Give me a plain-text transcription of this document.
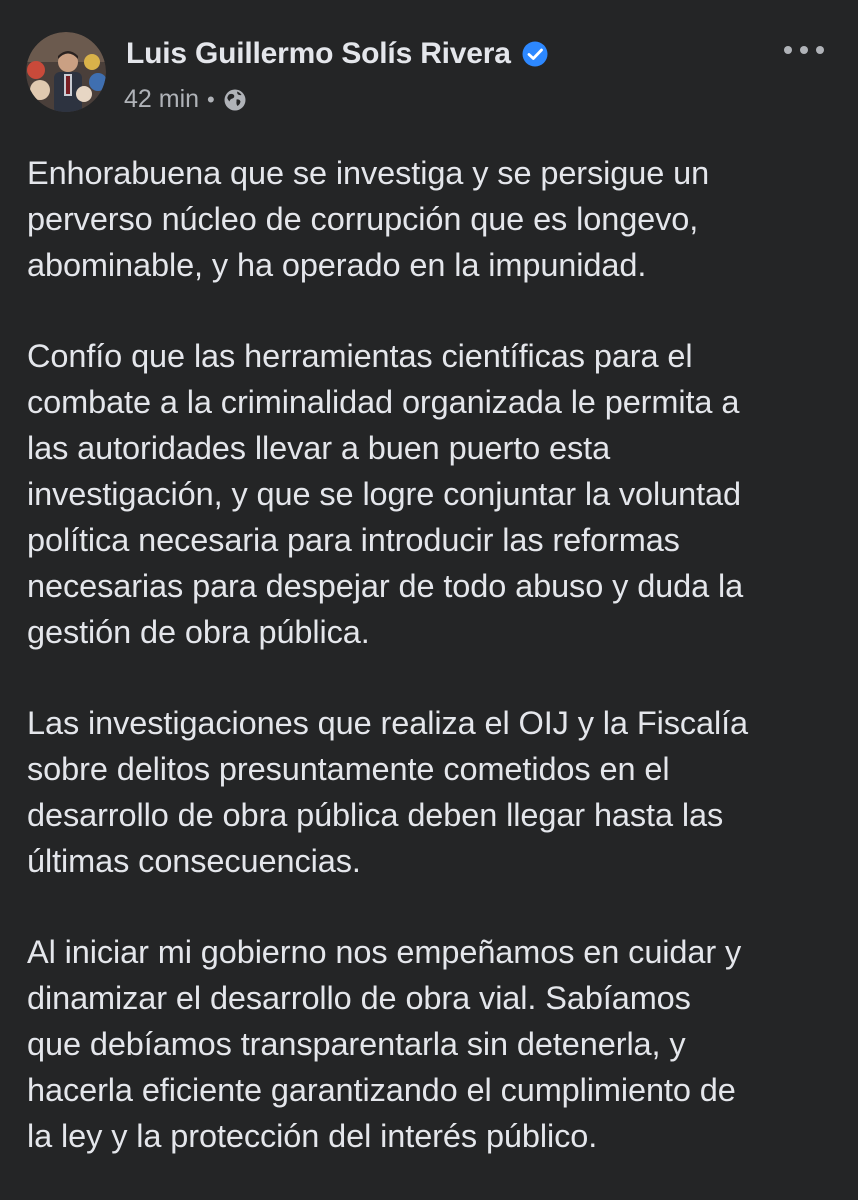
Luis Guillermo Solís Rivera
42 min •

Enhorabuena que se investiga y se persigue un
perverso núcleo de corrupción que es longevo,
abominable, y ha operado en la impunidad.

Confío que las herramientas científicas para el
combate a la criminalidad organizada le permita a
las autoridades llevar a buen puerto esta
investigación, y que se logre conjuntar la voluntad
política necesaria para introducir las reformas
necesarias para despejar de todo abuso y duda la
gestión de obra pública.

Las investigaciones que realiza el OIJ y la Fiscalía
sobre delitos presuntamente cometidos en el
desarrollo de obra pública deben llegar hasta las
últimas consecuencias.

Al iniciar mi gobierno nos empeñamos en cuidar y
dinamizar el desarrollo de obra vial. Sabíamos
que debíamos transparentarla sin detenerla, y
hacerla eficiente garantizando el cumplimiento de
la ley y la protección del interés público.
